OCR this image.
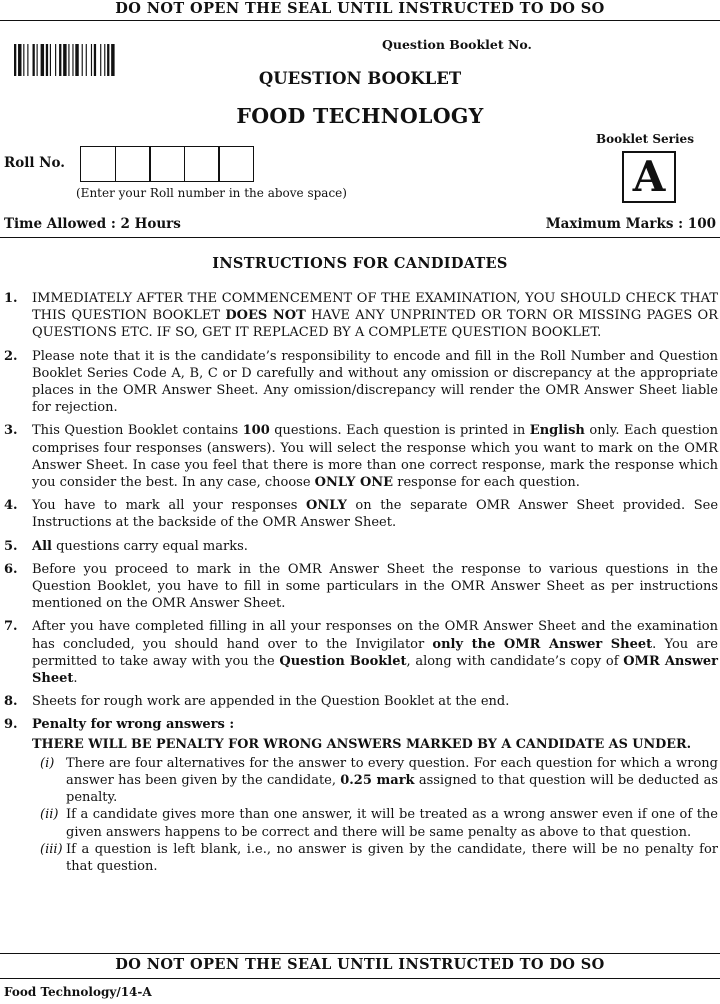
DO NOT OPEN THE SEAL UNTIL INSTRUCTED TO DO SO
Question Booklet No.
QUESTION BOOKLET
FOOD TECHNOLOGY
Booklet Series
A
Roll No.
(Enter your Roll number in the above space)
Time Allowed : 2 Hours	Maximum Marks : 100
INSTRUCTIONS FOR CANDIDATES
1. IMMEDIATELY AFTER THE COMMENCEMENT OF THE EXAMINATION, YOU SHOULD CHECK THAT THIS QUESTION BOOKLET DOES NOT HAVE ANY UNPRINTED OR TORN OR MISSING PAGES OR QUESTIONS ETC. IF SO, GET IT REPLACED BY A COMPLETE QUESTION BOOKLET.
2. Please note that it is the candidate’s responsibility to encode and fill in the Roll Number and Question Booklet Series Code A, B, C or D carefully and without any omission or discrepancy at the appropriate places in the OMR Answer Sheet. Any omission/discrepancy will render the OMR Answer Sheet liable for rejection.
3. This Question Booklet contains 100 questions. Each question is printed in English only. Each question comprises four responses (answers). You will select the response which you want to mark on the OMR Answer Sheet. In case you feel that there is more than one correct response, mark the response which you consider the best. In any case, choose ONLY ONE response for each question.
4. You have to mark all your responses ONLY on the separate OMR Answer Sheet provided. See Instructions at the backside of the OMR Answer Sheet.
5. All questions carry equal marks.
6. Before you proceed to mark in the OMR Answer Sheet the response to various questions in the Question Booklet, you have to fill in some particulars in the OMR Answer Sheet as per instructions mentioned on the OMR Answer Sheet.
7. After you have completed filling in all your responses on the OMR Answer Sheet and the examination has concluded, you should hand over to the Invigilator only the OMR Answer Sheet. You are permitted to take away with you the Question Booklet, along with candidate’s copy of OMR Answer Sheet.
8. Sheets for rough work are appended in the Question Booklet at the end.
9. Penalty for wrong answers :
THERE WILL BE PENALTY FOR WRONG ANSWERS MARKED BY A CANDIDATE AS UNDER.
(i) There are four alternatives for the answer to every question. For each question for which a wrong answer has been given by the candidate, 0.25 mark assigned to that question will be deducted as penalty.
(ii) If a candidate gives more than one answer, it will be treated as a wrong answer even if one of the given answers happens to be correct and there will be same penalty as above to that question.
(iii) If a question is left blank, i.e., no answer is given by the candidate, there will be no penalty for that question.
DO NOT OPEN THE SEAL UNTIL INSTRUCTED TO DO SO
Food Technology/14-A
